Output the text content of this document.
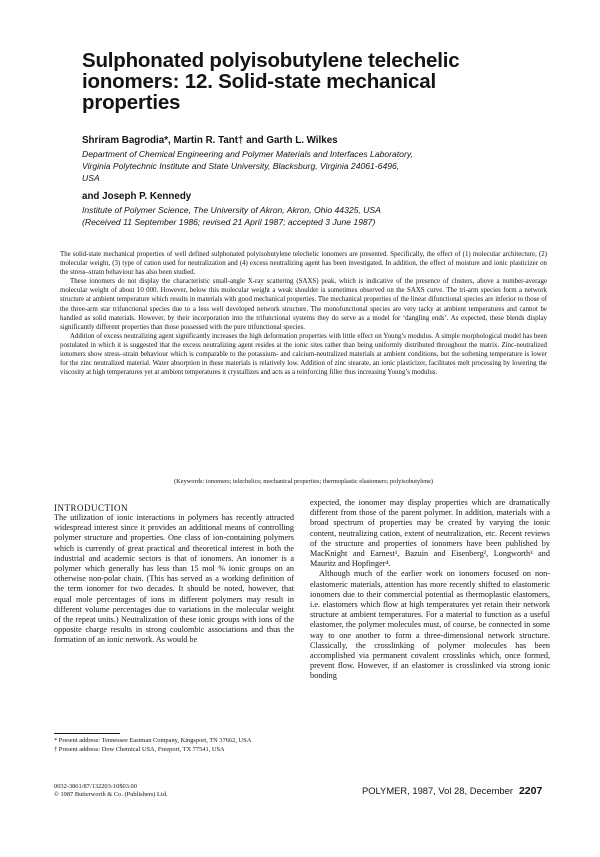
Sulphonated polyisobutylene telechelic
ionomers: 12. Solid-state mechanical
properties
Shriram Bagrodia*, Martin R. Tant† and Garth L. Wilkes
Department of Chemical Engineering and Polymer Materials and Interfaces Laboratory,
Virginia Polytechnic Institute and State University, Blacksburg, Virginia 24061-6496,
USA
and Joseph P. Kennedy
Institute of Polymer Science, The University of Akron, Akron, Ohio 44325, USA
(Received 11 September 1986; revised 21 April 1987; accepted 3 June 1987)

The solid-state mechanical properties of well defined sulphonated polyisobutylene telechelic ionomers are presented. Specifically, the effect of (1) molecular architecture, (2) molecular weight, (3) type of cation used for neutralization and (4) excess neutralizing agent has been investigated. In addition, the effect of moisture and ionic plasticizer on the stress–strain behaviour has also been studied.

These ionomers do not display the characteristic small-angle X-ray scattering (SAXS) peak, which is indicative of the presence of clusters, above a number-average molecular weight of about 10 000. However, below this molecular weight a weak shoulder is sometimes observed on the SAXS curve. The tri-arm species form a network structure at ambient temperature which results in materials with good mechanical properties. The mechanical properties of the linear difunctional species are inferior to those of the three-arm star trifunctional species due to a less well developed network structure. The monofunctional species are very tacky at ambient temperatures and cannot be handled as solid materials. However, by their incorporation into the trifunctional systems they do serve as a model for ‘dangling ends’. As expected, these blends display significantly different properties than those possessed with the pure trifunctional species.

Addition of excess neutralizing agent significantly increases the high deformation properties with little effect on Young’s modulus. A simple morphological model has been postulated in which it is suggested that the excess neutralizing agent resides at the ionic sites rather than being uniformly distributed throughout the matrix. Zinc-neutralized ionomers show stress–strain behaviour which is comparable to the potassium- and calcium-neutralized materials at ambient conditions, but the softening temperature is lower for the zinc neutralized material. Water absorption in these materials is relatively low. Addition of zinc stearate, an ionic plasticizer, facilitates melt processing by lowering the viscosity at high temperatures yet at ambient temperatures it crystallizes and acts as a reinforcing filler thus increasing Young’s modulus.

(Keywords: ionomers; telechelics; mechanical properties; thermoplastic elastomers; polyisobutylene)
INTRODUCTION

The utilization of ionic interactions in polymers has recently attracted widespread interest since it provides an additional means of controlling polymer structure and properties. One class of ion-containing polymers which is currently of great practical and theoretical interest in both the industrial and academic sectors is that of ionomers. An ionomer is a polymer which generally has less than 15 mol % ionic groups on an otherwise non-polar chain. (This has served as a working definition of the term ionomer for two decades. It should be noted, however, that equal mole percentages of ions in different polymers may result in different volume percentages due to variations in the molecular weight of the repeat units.) Neutralization of these ionic groups with ions of the opposite charge results in strong coulombic associations and thus the formation of an ionic network. As would be

* Present address: Tennessee Eastman Company, Kingsport, TN 37662, USA

† Present address: Dow Chemical USA, Freeport, TX 77541, USA

expected, the ionomer may display properties which are dramatically different from those of the parent polymer. In addition, materials with a broad spectrum of properties may be created by varying the ionic content, neutralizing cation, extent of neutralization, etc. Recent reviews of the structure and properties of ionomers have been published by MacKnight and Earnest¹, Bazuin and Eisenberg², Longworth³ and Mauritz and Hopfinger⁴.

Although much of the earlier work on ionomers focused on non-elastomeric materials, attention has more recently shifted to elastomeric ionomers due to their commercial potential as thermoplastic elastomers, i.e. elastomers which flow at high temperatures yet retain their network structure at ambient temperatures. For a material to function as a useful elastomer, the polymer molecules must, of course, be connected in some way to one another to form a three-dimensional network structure. Classically, the crosslinking of polymer molecules has been accomplished via permanent covalent crosslinks which, once formed, prevent flow. However, if an elastomer is crosslinked via strong ionic bonding

0032-3861/87/132203-10$03.00
© 1987 Butterworth & Co. (Publishers) Ltd.	POLYMER, 1987, Vol 28, December 2207
